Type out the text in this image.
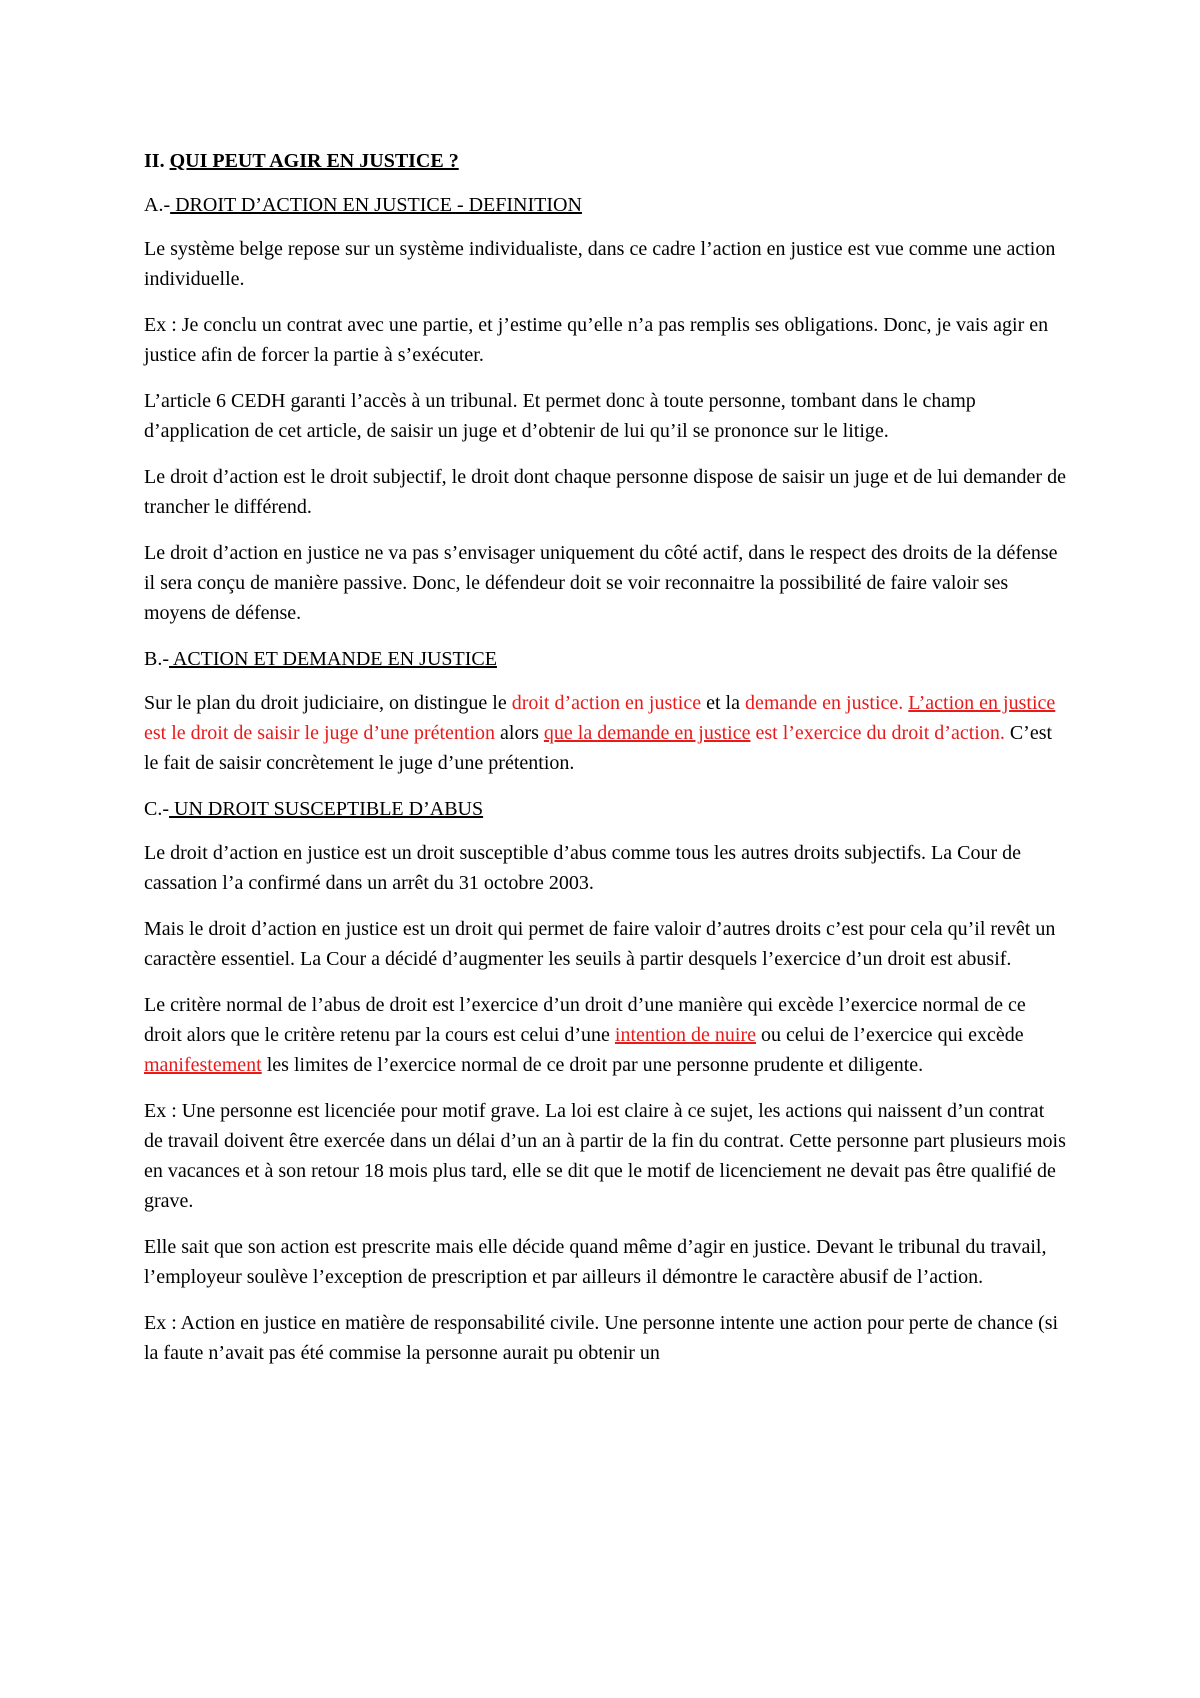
II. QUI PEUT AGIR EN JUSTICE ?
A.- DROIT D’ACTION EN JUSTICE - DEFINITION

Le système belge repose sur un système individualiste, dans ce cadre l’action en justice est vue comme une action individuelle.

Ex : Je conclu un contrat avec une partie, et j’estime qu’elle n’a pas remplis ses obligations. Donc, je vais agir en justice afin de forcer la partie à s’exécuter.

L’article 6 CEDH garanti l’accès à un tribunal. Et permet donc à toute personne, tombant dans le champ d’application de cet article, de saisir un juge et d’obtenir de lui qu’il se prononce sur le litige.

Le droit d’action est le droit subjectif, le droit dont chaque personne dispose de saisir un juge et de lui demander de trancher le différend.

Le droit d’action en justice ne va pas s’envisager uniquement du côté actif, dans le respect des droits de la défense il sera conçu de manière passive. Donc, le défendeur doit se voir reconnaitre la possibilité de faire valoir ses moyens de défense.

B.- ACTION ET DEMANDE EN JUSTICE

Sur le plan du droit judiciaire, on distingue le droit d’action en justice et la demande en justice. L’action en justice est le droit de saisir le juge d’une prétention alors que la demande en justice est l’exercice du droit d’action. C’est le fait de saisir concrètement le juge d’une prétention.

C.- UN DROIT SUSCEPTIBLE D’ABUS

Le droit d’action en justice est un droit susceptible d’abus comme tous les autres droits subjectifs. La Cour de cassation l’a confirmé dans un arrêt du 31 octobre 2003.

Mais le droit d’action en justice est un droit qui permet de faire valoir d’autres droits c’est pour cela qu’il revêt un caractère essentiel. La Cour a décidé d’augmenter les seuils à partir desquels l’exercice d’un droit est abusif.

Le critère normal de l’abus de droit est l’exercice d’un droit d’une manière qui excède l’exercice normal de ce droit alors que le critère retenu par la cours est celui d’une intention de nuire ou celui de l’exercice qui excède manifestement les limites de l’exercice normal de ce droit par une personne prudente et diligente.

Ex : Une personne est licenciée pour motif grave. La loi est claire à ce sujet, les actions qui naissent d’un contrat de travail doivent être exercée dans un délai d’un an à partir de la fin du contrat. Cette personne part plusieurs mois en vacances et à son retour 18 mois plus tard, elle se dit que le motif de licenciement ne devait pas être qualifié de grave.

Elle sait que son action est prescrite mais elle décide quand même d’agir en justice. Devant le tribunal du travail, l’employeur soulève l’exception de prescription et par ailleurs il démontre le caractère abusif de l’action.

Ex : Action en justice en matière de responsabilité civile. Une personne intente une action pour perte de chance (si la faute n’avait pas été commise la personne aurait pu obtenir un
